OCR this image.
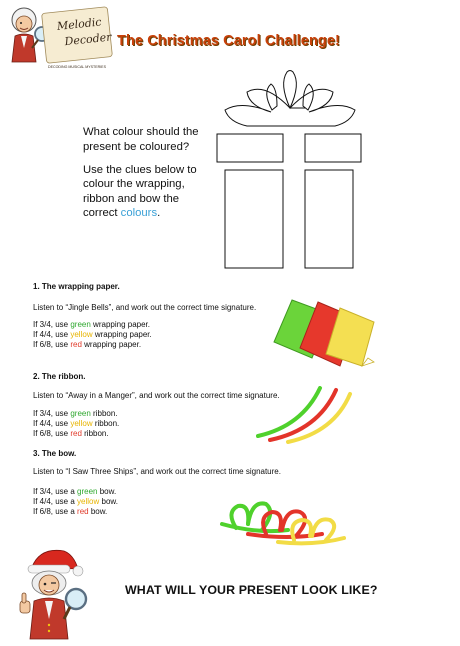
Melodic
Decoder
DECODING MUSICAL MYSTERIES
The Christmas Carol Challenge!

What colour should the present be coloured?

Use the clues below to colour the wrapping, ribbon and bow the correct colours.

1. The wrapping paper.
Listen to “Jingle Bells”, and work out the correct time signature.
If 3/4, use green wrapping paper.
If 4/4, use yellow wrapping paper.
If 6/8, use red wrapping paper.
2. The ribbon.
Listen to “Away in a Manger”, and work out the correct time signature.
If 3/4, use green ribbon.
If 4/4, use yellow ribbon.
If 6/8, use red ribbon.
3. The bow.
Listen to “I Saw Three Ships”, and work out the correct time signature.
If 3/4, use a green bow.
If 4/4, use a yellow bow.
If 6/8, use a red bow.
WHAT WILL YOUR PRESENT LOOK LIKE?
